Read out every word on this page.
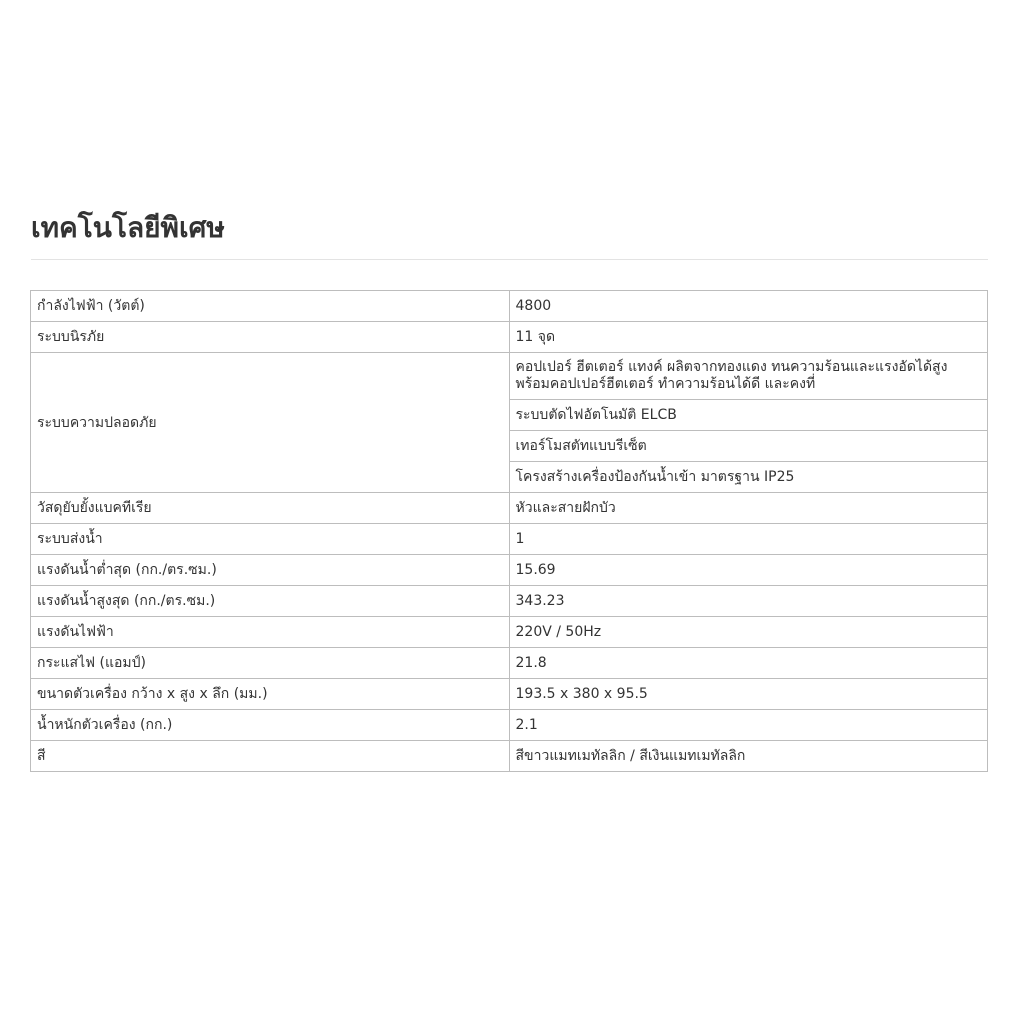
เทคโนโลยีพิเศษ
กำลังไฟฟ้า (วัตต์)	4800
ระบบนิรภัย	11 จุด
ระบบความปลอดภัย	คอปเปอร์ ฮีตเตอร์ แทงค์ ผลิตจากทองแดง ทนความร้อนและแรงอัดได้สูง พร้อมคอปเปอร์ฮีตเตอร์ ทำความร้อนได้ดี และคงที่
	ระบบตัดไฟอัตโนมัติ ELCB
	เทอร์โมสตัทแบบรีเซ็ต
	โครงสร้างเครื่องป้องกันน้ำเข้า มาตรฐาน IP25
วัสดุยับยั้งแบคทีเรีย	หัวและสายฝักบัว
ระบบส่งน้ำ	1
แรงดันน้ำต่ำสุด (กก./ตร.ซม.)	15.69
แรงดันน้ำสูงสุด (กก./ตร.ซม.)	343.23
แรงดันไฟฟ้า	220V / 50Hz
กระแสไฟ (แอมป์)	21.8
ขนาดตัวเครื่อง กว้าง x สูง x ลึก (มม.)	193.5 x 380 x 95.5
น้ำหนักตัวเครื่อง (กก.)	2.1
สี	สีขาวแมทเมทัลลิก / สีเงินแมทเมทัลลิก
